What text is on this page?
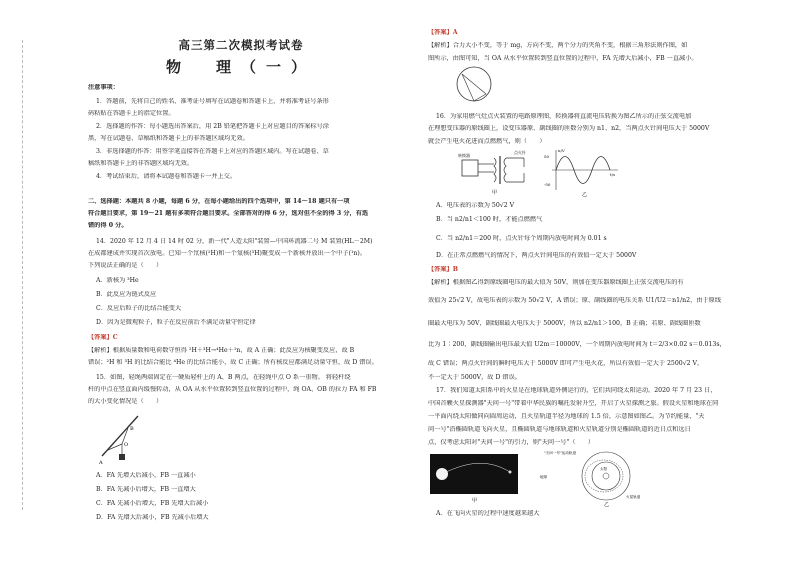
高三第二次模拟考试卷
物　理（一）
注意事项：
1．答题前，先将自己的姓名、准考证号填写在试题卷和答题卡上，并将准考证号条形
码粘贴在答题卡上的指定位置。
2．选择题的作答：每小题选出答案后，用 2B 铅笔把答题卡上对应题目的答案标号涂
黑，写在试题卷、草稿纸和答题卡上的非答题区域均无效。
3．非选择题的作答：用签字笔直接答在答题卡上对应的答题区域内。写在试题卷、草
稿纸和答题卡上的非答题区域均无效。
4．考试结束后，请将本试题卷和答题卡一并上交。
二、选择题：本题共 8 小题，每题 6 分，在每小题给出的四个选项中，第 14～18 题只有一项
符合题目要求，第 19～21 题有多项符合题目要求。全部答对的得 6 分，选对但不全的得 3 分，有选
错的得 0 分。
14．2020 年 12 月 4 日 14 时 02 分，新一代"人造太阳"装置—中国环流器二号 M 装置(HL－2M)
在成都建成并实现首次放电。已知一个氘核(²H)和一个氚核(³H)聚变成一个新核并放出一个中子(¹n)。
下列说法正确的是（　　）
A．新核为 ³He
B．此反应为链式反应
C．反应后粒子的比结合能变大
D．因为是微观粒子，粒子在反应前后不满足动量守恒定律
【答案】C
【解析】根据质量数和电荷数守恒得 ²H＋³H→⁴He＋¹n，故 A 正确；此反应为核聚变反应，故 B
错误；²H 和 ³H 的比结合能比 ⁴He 的比结合能小，故 C 正确；所有核反应都满足动量守恒，故 D 错误。
15．如图，轻绳两端固定在一硬质轻杆上的 A、B 两点，在轻绳中点 O 系一重物。 将轻杆绕
杆的中点在竖直面内缓慢转动，从 OA 从水平位置转到竖直位置的过程中，绳 OA、OB 的拉力 FA 和 FB
的大小变化情况是（　　）
A
O
B
A．FA 先增大后减小，FB 一直减小
B．FA 先减小后增大，FB 一直增大
C．FA 先减小后增大，FB 先增大后减小
D．FA 先增大后减小，FB 先减小后增大
【答案】A
【解析】合力大小不变，等于 mg，方向不变，两个分力的夹角不变，根据三角形法则作图，如
图所示，由图可知，当 OA 从水平位置转到竖直位置的过程中，FA 先增大后减小，FB 一直减小。
16．为家用燃气灶点火装置的电路原理图，转换器将直流电压转换为图乙所示的正弦交流电加
在理想变压器的原线圈上，设变压器原、副线圈的匝数分别为 n1、n2，当两点火针间电压大于 5000V
就会产生电火花进而点燃燃气，则（　　）
转换器
点火针
甲
u/V
50
-50
t/s
乙
A．电压表的示数为 50√2 V
B．当 n2/n1＜100 时，才能点燃燃气
C．当 n2/n1＝200 时，点火针每个周期内放电时间为 0.01 s
D．在正常点燃燃气的情况下，两点火针间电压的有效值一定大于 5000V
【答案】B
【解析】根据图乙得到原线圈电压的最大值为 50V，则加在变压器原线圈上正弦交流电压的有
效值为 25√2 V，故电压表的示数为 50√2 V，A 错误；原、副线圈的电压关系 U1/U2＝n1/n2，由于原线
圈最大电压为 50V，副线圈最大电压大于 5000V，所以 n2/n1＞100，B 正确；若原、副线圈匝数
比为 1∶200，副线圈输出电压最大值 U2m＝10000V，一个周期内放电时间为 t＝2/3×0.02 s＝0.013s，
故 C 错误；两点火针间的瞬时电压大于 5000V 即可产生电火花，所以有效值一定大于 2500√2 V，
不一定大于 5000V，故 D 错误。
17．我们知道太阳系中的火星是在地球轨道外侧运行的，它们共同绕太阳运动。2020 年 7 月 23 日，
中国首颗火星探测器"天问一号"带着中华民族的嘱托发射升空，开启了火星探测之旅。假设火星和地球在同
一平面内绕太阳做同向圆周运动，且火星轨道半径为地球的 1.5 倍，示意图如图乙。为节约能量，"天
问一号"沿椭圆轨道飞向火星，且椭圆轨道与地球轨道和火星轨道分别是椭圆轨道的近日点和远日
点，仅考虑太阳对"天问一号"的引力，则"天问一号"（　　）
甲
"天问一号"运动轨迹
太阳
地球
火星轨道
乙
A．在飞向火星的过程中速度越来越大
